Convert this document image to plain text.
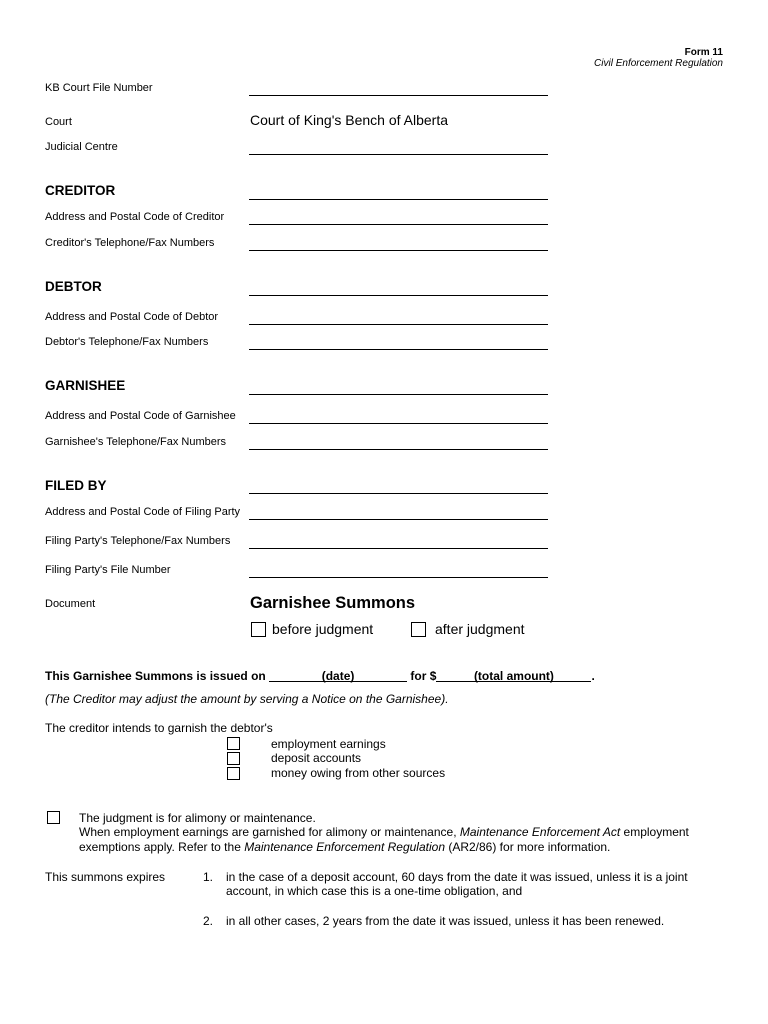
Form 11
Civil Enforcement Regulation
KB Court File Number
Court	Court of King's Bench of Alberta
Judicial Centre
CREDITOR
Address and Postal Code of Creditor
Creditor's Telephone/Fax Numbers
DEBTOR
Address and Postal Code of Debtor
Debtor's Telephone/Fax Numbers
GARNISHEE
Address and Postal Code of Garnishee
Garnishee's Telephone/Fax Numbers
FILED BY
Address and Postal Code of Filing Party
Filing Party's Telephone/Fax Numbers
Filing Party's File Number
Document	Garnishee Summons
before judgment	after judgment
This Garnishee Summons is issued on	(date)	for $	(total amount)	.
(The Creditor may adjust the amount by serving a Notice on the Garnishee).
The creditor intends to garnish the debtor's
employment earnings
deposit accounts
money owing from other sources
The judgment is for alimony or maintenance.
When employment earnings are garnished for alimony or maintenance, Maintenance Enforcement Act employment
exemptions apply. Refer to the Maintenance Enforcement Regulation (AR2/86) for more information.
This summons expires	1. in the case of a deposit account, 60 days from the date it was issued, unless it is a joint
account, in which case this is a one-time obligation, and
2. in all other cases, 2 years from the date it was issued, unless it has been renewed.
